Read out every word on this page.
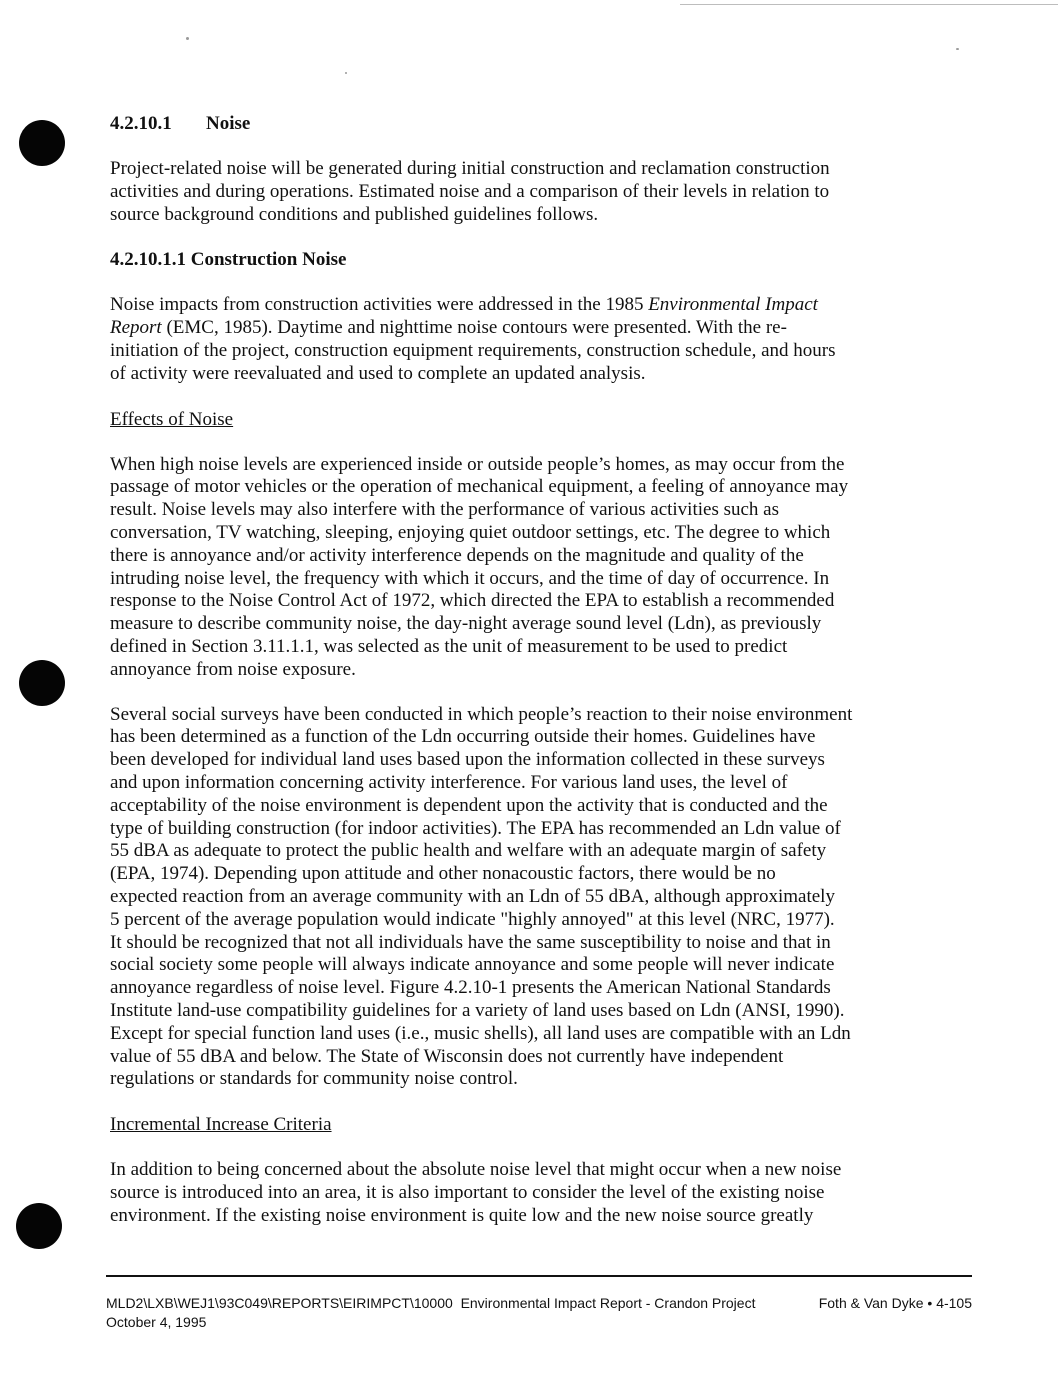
4.2.10.1 Noise
Project-related noise will be generated during initial construction and reclamation construction
activities and during operations. Estimated noise and a comparison of their levels in relation to
source background conditions and published guidelines follows.
4.2.10.1.1 Construction Noise
Noise impacts from construction activities were addressed in the 1985 Environmental Impact
Report (EMC, 1985). Daytime and nighttime noise contours were presented. With the re-
initiation of the project, construction equipment requirements, construction schedule, and hours
of activity were reevaluated and used to complete an updated analysis.
Effects of Noise
When high noise levels are experienced inside or outside people’s homes, as may occur from the
passage of motor vehicles or the operation of mechanical equipment, a feeling of annoyance may
result. Noise levels may also interfere with the performance of various activities such as
conversation, TV watching, sleeping, enjoying quiet outdoor settings, etc. The degree to which
there is annoyance and/or activity interference depends on the magnitude and quality of the
intruding noise level, the frequency with which it occurs, and the time of day of occurrence. In
response to the Noise Control Act of 1972, which directed the EPA to establish a recommended
measure to describe community noise, the day-night average sound level (Ldn), as previously
defined in Section 3.11.1.1, was selected as the unit of measurement to be used to predict
annoyance from noise exposure.
Several social surveys have been conducted in which people’s reaction to their noise environment
has been determined as a function of the Ldn occurring outside their homes. Guidelines have
been developed for individual land uses based upon the information collected in these surveys
and upon information concerning activity interference. For various land uses, the level of
acceptability of the noise environment is dependent upon the activity that is conducted and the
type of building construction (for indoor activities). The EPA has recommended an Ldn value of
55 dBA as adequate to protect the public health and welfare with an adequate margin of safety
(EPA, 1974). Depending upon attitude and other nonacoustic factors, there would be no
expected reaction from an average community with an Ldn of 55 dBA, although approximately
5 percent of the average population would indicate "highly annoyed" at this level (NRC, 1977).
It should be recognized that not all individuals have the same susceptibility to noise and that in
social society some people will always indicate annoyance and some people will never indicate
annoyance regardless of noise level. Figure 4.2.10-1 presents the American National Standards
Institute land-use compatibility guidelines for a variety of land uses based on Ldn (ANSI, 1990).
Except for special function land uses (i.e., music shells), all land uses are compatible with an Ldn
value of 55 dBA and below. The State of Wisconsin does not currently have independent
regulations or standards for community noise control.
Incremental Increase Criteria
In addition to being concerned about the absolute noise level that might occur when a new noise
source is introduced into an area, it is also important to consider the level of the existing noise
environment. If the existing noise environment is quite low and the new noise source greatly
MLD2\LXB\WEJ1\93C049\REPORTS\EIRIMPCT\10000 Environmental Impact Report - Crandon Project	Foth & Van Dyke • 4-105
October 4, 1995
